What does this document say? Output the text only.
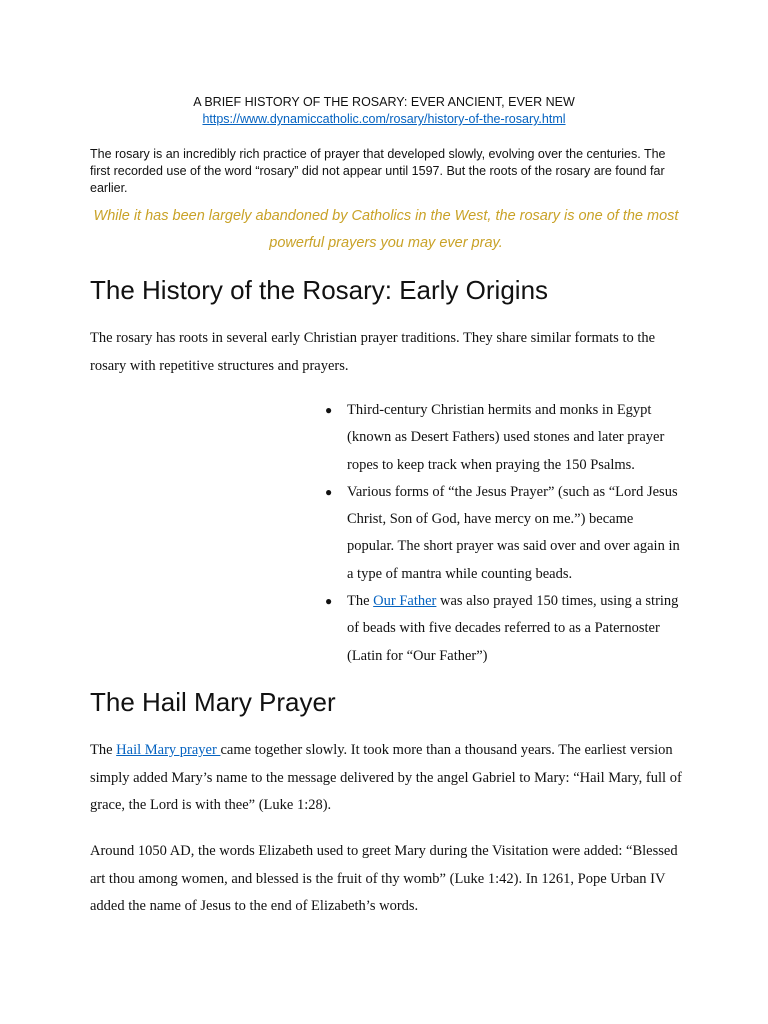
A BRIEF HISTORY OF THE ROSARY: EVER ANCIENT, EVER NEW
https://www.dynamiccatholic.com/rosary/history-of-the-rosary.html

The rosary is an incredibly rich practice of prayer that developed slowly, evolving over the centuries. The first recorded use of the word “rosary” did not appear until 1597. But the roots of the rosary are found far earlier.

While it has been largely abandoned by Catholics in the West, the rosary is one of the most powerful prayers you may ever pray.

The History of the Rosary: Early Origins

The rosary has roots in several early Christian prayer traditions. They share similar formats to the rosary with repetitive structures and prayers.

● Third-century Christian hermits and monks in Egypt (known as Desert Fathers) used stones and later prayer ropes to keep track when praying the 150 Psalms.
● Various forms of “the Jesus Prayer” (such as “Lord Jesus Christ, Son of God, have mercy on me.”) became popular. The short prayer was said over and over again in a type of mantra while counting beads.
● The Our Father was also prayed 150 times, using a string of beads with five decades referred to as a Paternoster (Latin for “Our Father”)
The Hail Mary Prayer

The Hail Mary prayer came together slowly. It took more than a thousand years. The earliest version simply added Mary’s name to the message delivered by the angel Gabriel to Mary: “Hail Mary, full of grace, the Lord is with thee” (Luke 1:28).

Around 1050 AD, the words Elizabeth used to greet Mary during the Visitation were added: “Blessed art thou among women, and blessed is the fruit of thy womb” (Luke 1:42). In 1261, Pope Urban IV added the name of Jesus to the end of Elizabeth’s words.
